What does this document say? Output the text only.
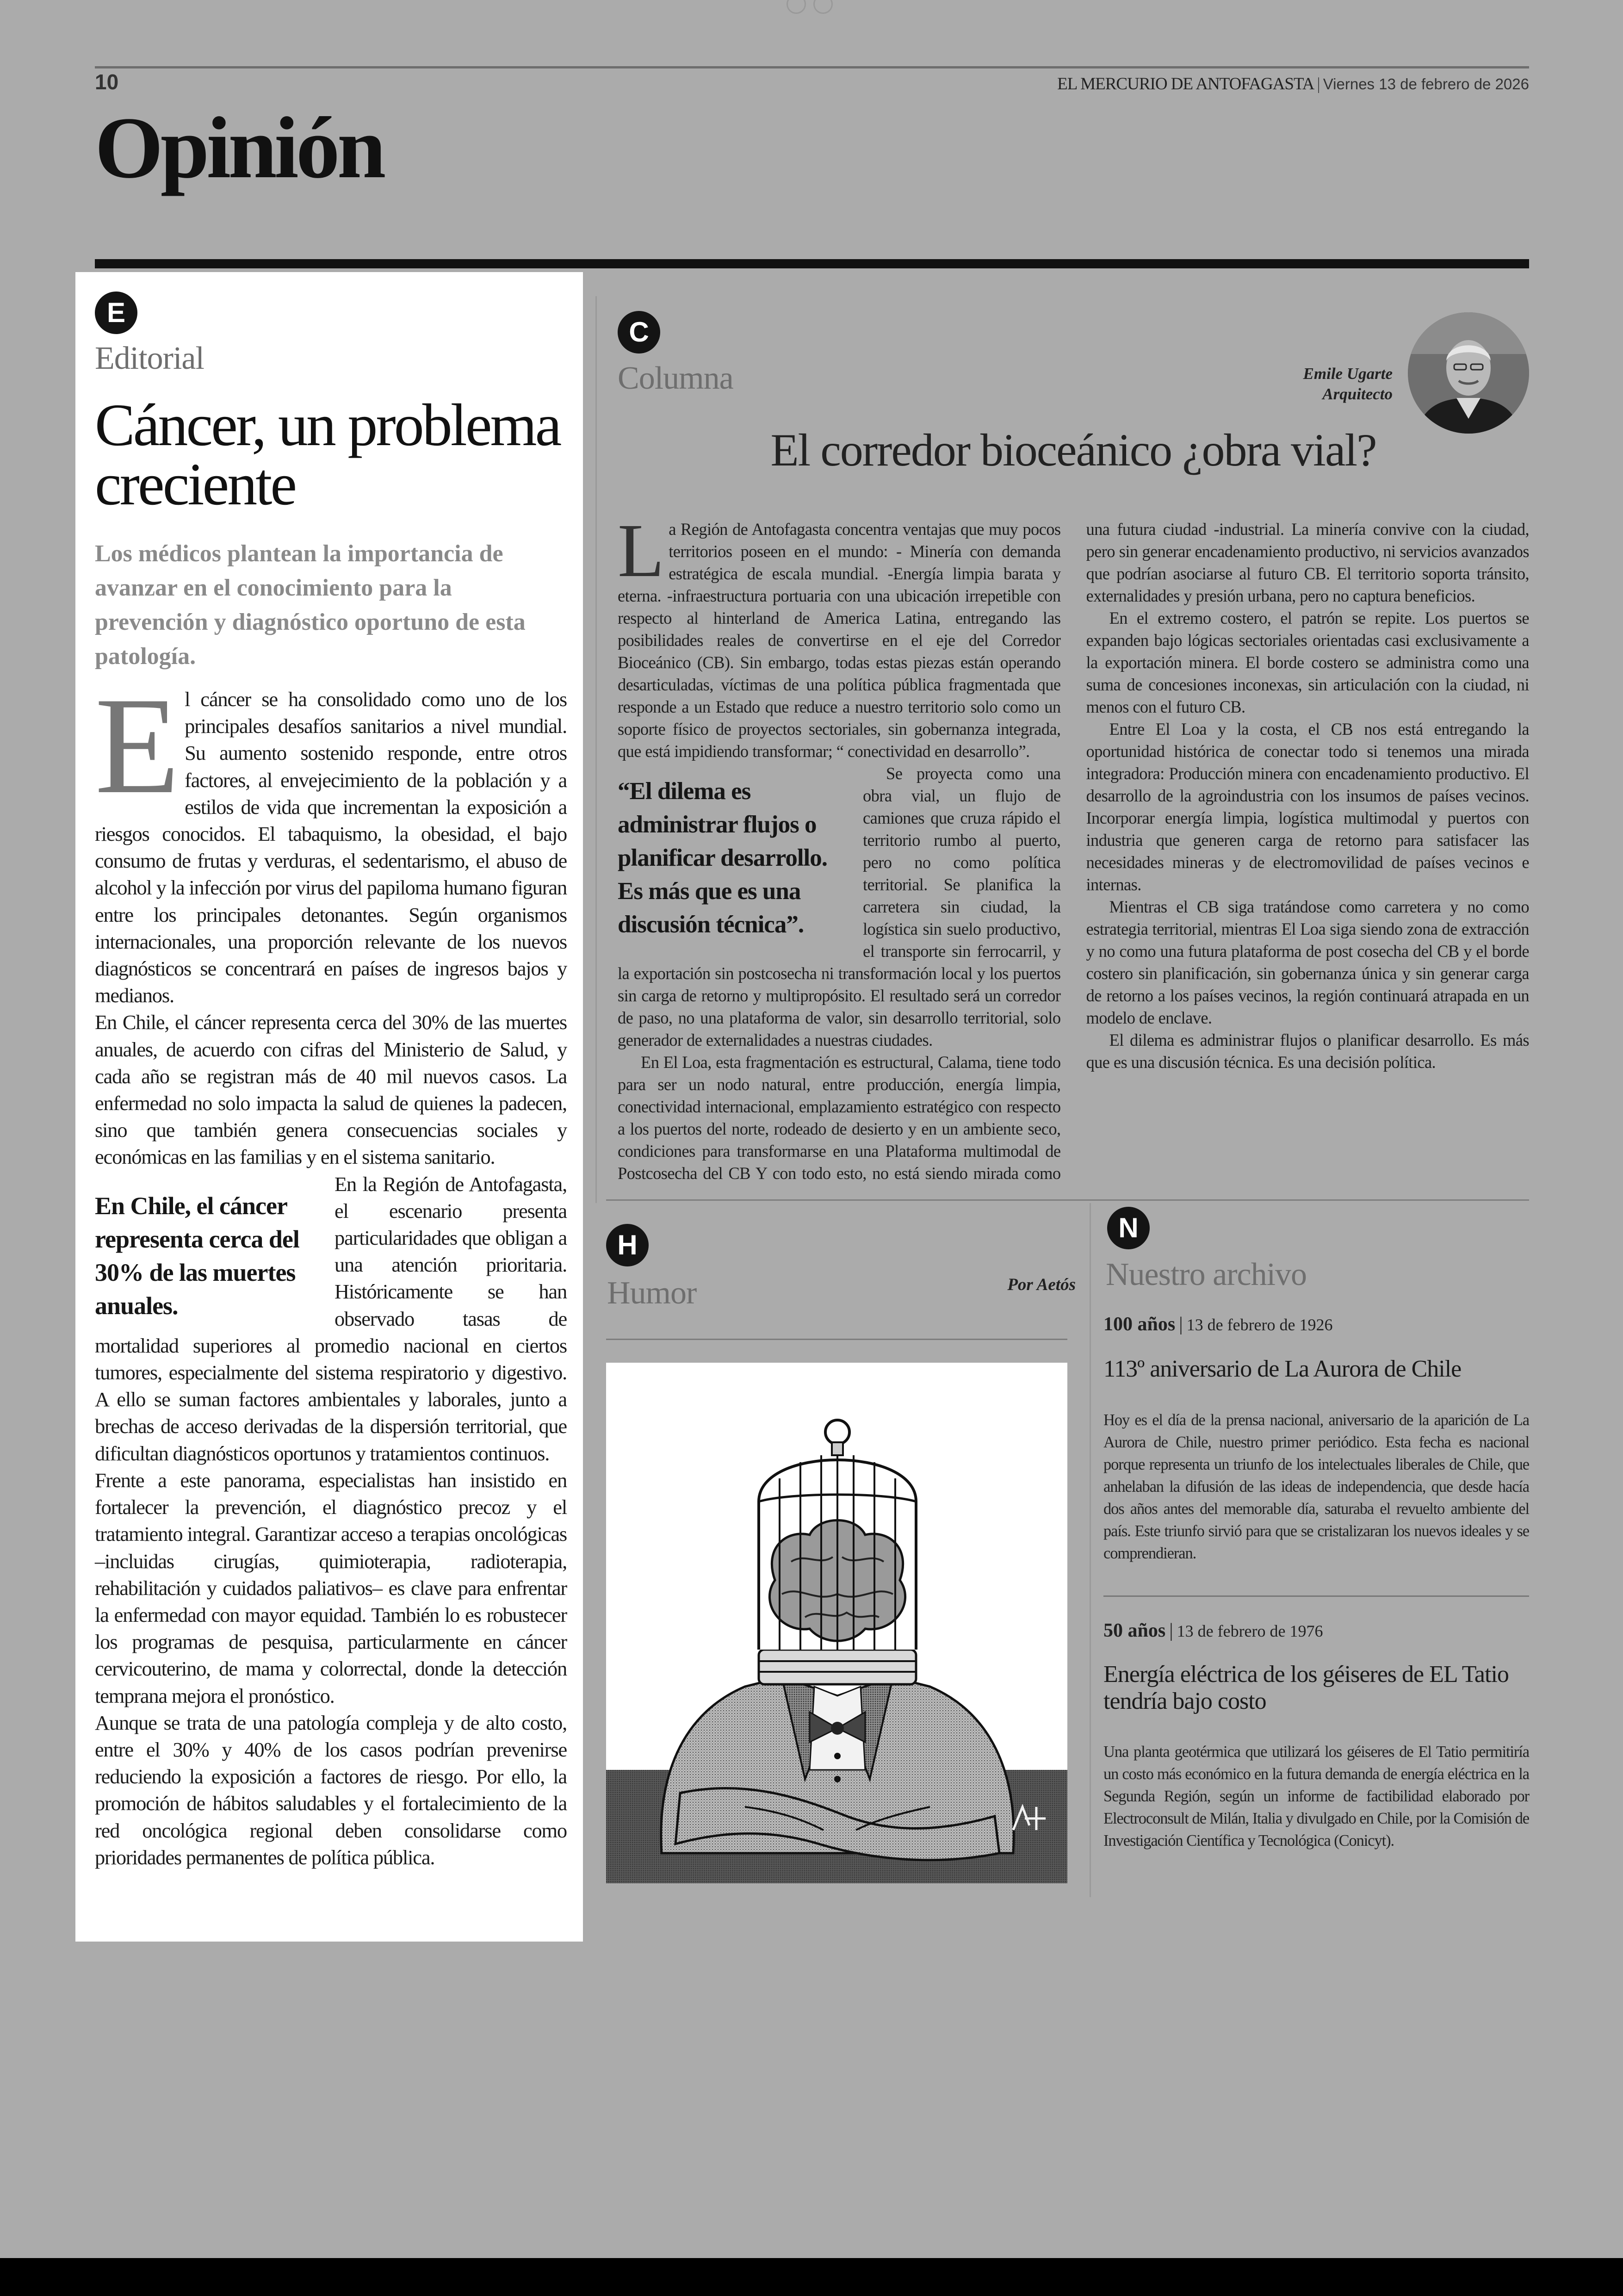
10	EL MERCURIO DE ANTOFAGASTA | Viernes 13 de febrero de 2026
Opinión
E
Editorial
Cáncer, un problema creciente
Los médicos plantean la importancia de avanzar en el conocimiento para la prevención y diagnóstico oportuno de esta patología.

El cáncer se ha consolidado como uno de los principales desafíos sanitarios a nivel mundial. Su aumento sostenido responde, entre otros factores, al envejecimiento de la población y a estilos de vida que incrementan la exposición a riesgos conocidos. El tabaquismo, la obesidad, el bajo consumo de frutas y verduras, el sedentarismo, el abuso de alcohol y la infección por virus del papiloma humano figuran entre los principales detonantes. Según organismos internacionales, una proporción relevante de los nuevos diagnósticos se concentrará en países de ingresos bajos y medianos.

En Chile, el cáncer representa cerca del 30% de las muertes anuales, de acuerdo con cifras del Ministerio de Salud, y cada año se registran más de 40 mil nuevos casos. La enfermedad no solo impacta la salud de quienes la padecen, sino que también genera consecuencias sociales y económicas en las familias y en el sistema sanitario.

En Chile, el cáncer representa cerca del 30% de las muertes anuales.
En la Región de Antofagasta, el escenario presenta particularidades que obligan a una atención prioritaria. Históricamente se han observado tasas de mortalidad superiores al promedio nacional en ciertos tumores, especialmente del sistema respiratorio y digestivo. A ello se suman factores ambientales y laborales, junto a brechas de acceso derivadas de la dispersión territorial, que dificultan diagnósticos oportunos y tratamientos continuos.

Frente a este panorama, especialistas han insistido en fortalecer la prevención, el diagnóstico precoz y el tratamiento integral. Garantizar acceso a terapias oncológicas –incluidas cirugías, quimioterapia, radioterapia, rehabilitación y cuidados paliativos– es clave para enfrentar la enfermedad con mayor equidad. También lo es robustecer los programas de pesquisa, particularmente en cáncer cervicouterino, de mama y colorrectal, donde la detección temprana mejora el pronóstico.

Aunque se trata de una patología compleja y de alto costo, entre el 30% y 40% de los casos podrían prevenirse reduciendo la exposición a factores de riesgo. Por ello, la promoción de hábitos saludables y el fortalecimiento de la red oncológica regional deben consolidarse como prioridades permanentes de política pública.

C
Columna	Emile Ugarte
Arquitecto
El corredor bioceánico ¿obra vial?

La Región de Antofagasta concentra ventajas que muy pocos territorios poseen en el mundo: - Minería con demanda estratégica de escala mundial. -Energía limpia barata y eterna. -infraestructura portuaria con una ubicación irrepetible con respecto al hinterland de America Latina, entregando las posibilidades reales de convertirse en el eje del Corredor Bioceánico (CB). Sin embargo, todas estas piezas están operando desarticuladas, víctimas de una política pública fragmentada que responde a un Estado que reduce a nuestro territorio solo como un soporte físico de proyectos sectoriales, sin gobernanza integrada, que está impidiendo transformar; “ conectividad en desarrollo”.

“El dilema es administrar flujos o planificar desarrollo. Es más que es una discusión técnica”.
Se proyecta como una obra vial, un flujo de camiones que cruza rápido el territorio rumbo al puerto, pero no como política territorial. Se planifica la carretera sin ciudad, la logística sin suelo productivo, el transporte sin ferrocarril, y la exportación sin postcosecha ni transformación local y los puertos sin carga de retorno y multipropósito. El resultado será un corredor de paso, no una plataforma de valor, sin desarrollo territorial, solo generador de externalidades a nuestras ciudades.

En El Loa, esta fragmentación es estructural, Calama, tiene todo para ser un nodo natural, entre producción, energía limpia, conectividad internacional, emplazamiento estratégico con respecto a los puertos del norte, rodeado de desierto y en un ambiente seco, condiciones para transformarse en una Plataforma multimodal de Postcosecha del CB Y con todo esto, no está siendo mirada como una futura ciudad -industrial. La minería convive con la ciudad, pero sin generar encadenamiento productivo, ni servicios avanzados que podrían asociarse al futuro CB. El territorio soporta tránsito, externalidades y presión urbana, pero no captura beneficios.

En el extremo costero, el patrón se repite. Los puertos se expanden bajo lógicas sectoriales orientadas casi exclusivamente a la exportación minera. El borde costero se administra como una suma de concesiones inconexas, sin articulación con la ciudad, ni menos con el futuro CB.

Entre El Loa y la costa, el CB nos está entregando la oportunidad histórica de conectar todo si tenemos una mirada integradora: Producción minera con encadenamiento productivo. El desarrollo de la agroindustria con los insumos de países vecinos. Incorporar energía limpia, logística multimodal y puertos con industria que generen carga de retorno para satisfacer las necesidades mineras y de electromovilidad de países vecinos e internas.

Mientras el CB siga tratándose como carretera y no como estrategia territorial, mientras El Loa siga siendo zona de extracción y no como una futura plataforma de post cosecha del CB y el borde costero sin planificación, sin gobernanza única y sin generar carga de retorno a los países vecinos, la región continuará atrapada en un modelo de enclave.

El dilema es administrar flujos o planificar desarrollo. Es más que es una discusión técnica. Es una decisión política.

H
Humor	Por Aetós
N
Nuestro archivo
100 años | 13 de febrero de 1926
113º aniversario de La Aurora de Chile
Hoy es el día de la prensa nacional, aniversario de la aparición de La Aurora de Chile, nuestro primer periódico. Esta fecha es nacional porque representa un triunfo de los intelectuales liberales de Chile, que anhelaban la difusión de las ideas de independencia, que desde hacía dos años antes del memorable día, saturaba el revuelto ambiente del país. Este triunfo sirvió para que se cristalizaran los nuevos ideales y se comprendieran.
50 años | 13 de febrero de 1976
Energía eléctrica de los géiseres de EL Tatio tendría bajo costo
Una planta geotérmica que utilizará los géiseres de El Tatio permitiría un costo más económico en la futura demanda de energía eléctrica en la Segunda Región, según un informe de factibilidad elaborado por Electroconsult de Milán, Italia y divulgado en Chile, por la Comisión de Investigación Científica y Tecnológica (Conicyt).
